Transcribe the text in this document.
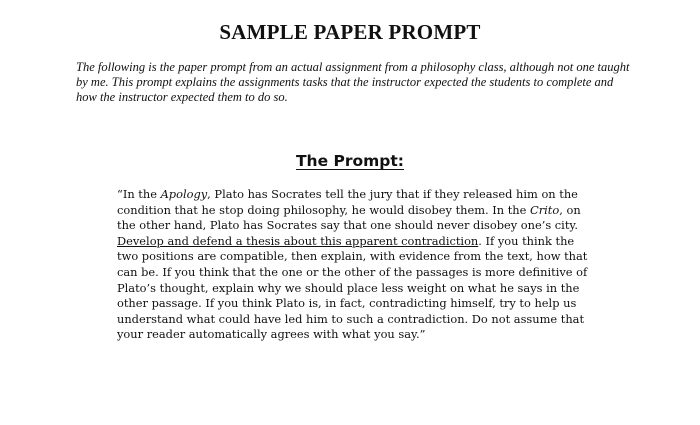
SAMPLE PAPER PROMPT

The following is the paper prompt from an actual assignment from a philosophy class, although not one taught by me. This prompt explains the assignments tasks that the instructor expected the students to complete and how the instructor expected them to do so.

The Prompt:

“In the Apology, Plato has Socrates tell the jury that if they released him on the condition that he stop doing philosophy, he would disobey them. In the Crito, on the other hand, Plato has Socrates say that one should never disobey one’s city. Develop and defend a thesis about this apparent contradiction. If you think the two positions are compatible, then explain, with evidence from the text, how that can be. If you think that the one or the other of the passages is more definitive of Plato’s thought, explain why we should place less weight on what he says in the other passage. If you think Plato is, in fact, contradicting himself, try to help us understand what could have led him to such a contradiction. Do not assume that your reader automatically agrees with what you say.”
